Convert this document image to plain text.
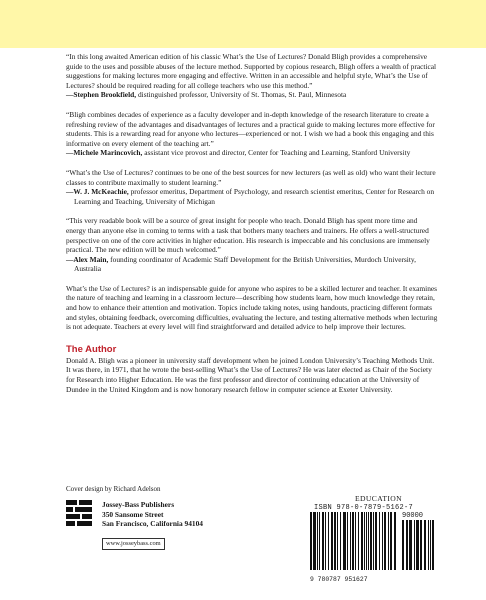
“In this long awaited American edition of his classic What’s the Use of Lectures? Donald Bligh provides a comprehensive guide to the uses and possible abuses of the lecture method. Supported by copious research, Bligh offers a wealth of practical suggestions for making lectures more engaging and effective. Written in an accessible and helpful style, What’s the Use of Lectures? should be required reading for all college teachers who use this method.”

—Stephen Brookfield, distinguished professor, University of St. Thomas, St. Paul, Minnesota

“Bligh combines decades of experience as a faculty developer and in-depth knowledge of the research literature to create a refreshing review of the advantages and disadvantages of lectures and a practical guide to making lectures more effective for students. This is a rewarding read for anyone who lectures—experienced or not. I wish we had a book this engaging and this informative on every element of the teaching art.”

—Michele Marincovich, assistant vice provost and director, Center for Teaching and Learning, Stanford University

“What’s the Use of Lectures? continues to be one of the best sources for new lecturers (as well as old) who want their lecture classes to contribute maximally to student learning.”

—W. J. McKeachie, professor emeritus, Department of Psychology, and research scientist emeritus, Center for Research on Learning and Teaching, University of Michigan

“This very readable book will be a source of great insight for people who teach. Donald Bligh has spent more time and energy than anyone else in coming to terms with a task that bothers many teachers and trainers. He offers a well-structured perspective on one of the core activities in higher education. His research is impeccable and his conclusions are immensely practical. The new edition will be much welcomed.”

—Alex Main, founding coordinator of Academic Staff Development for the British Universities, Murdoch University, Australia

What’s the Use of Lectures? is an indispensable guide for anyone who aspires to be a skilled lecturer and teacher. It examines the nature of teaching and learning in a classroom lecture—describing how students learn, how much knowledge they retain, and how to enhance their attention and motivation. Topics include taking notes, using handouts, practicing different formats and styles, obtaining feedback, overcoming difficulties, evaluating the lecture, and testing alternative methods when lecturing is not adequate. Teachers at every level will find straightforward and detailed advice to help improve their lectures.

The Author

Donald A. Bligh was a pioneer in university staff development when he joined London University’s Teaching Methods Unit. It was there, in 1971, that he wrote the best-selling What’s the Use of Lectures? He was later elected as Chair of the Society for Research into Higher Education. He was the first professor and director of continuing education at the University of Dundee in the United Kingdom and is now honorary research fellow in computer science at Exeter University.

Cover design by Richard Adelson
Jossey-Bass Publishers
350 Sansome Street
San Francisco, California 94104
www.josseybass.com
EDUCATION
ISBN 978-0-7879-5162-7
90000
9 780787 951627
